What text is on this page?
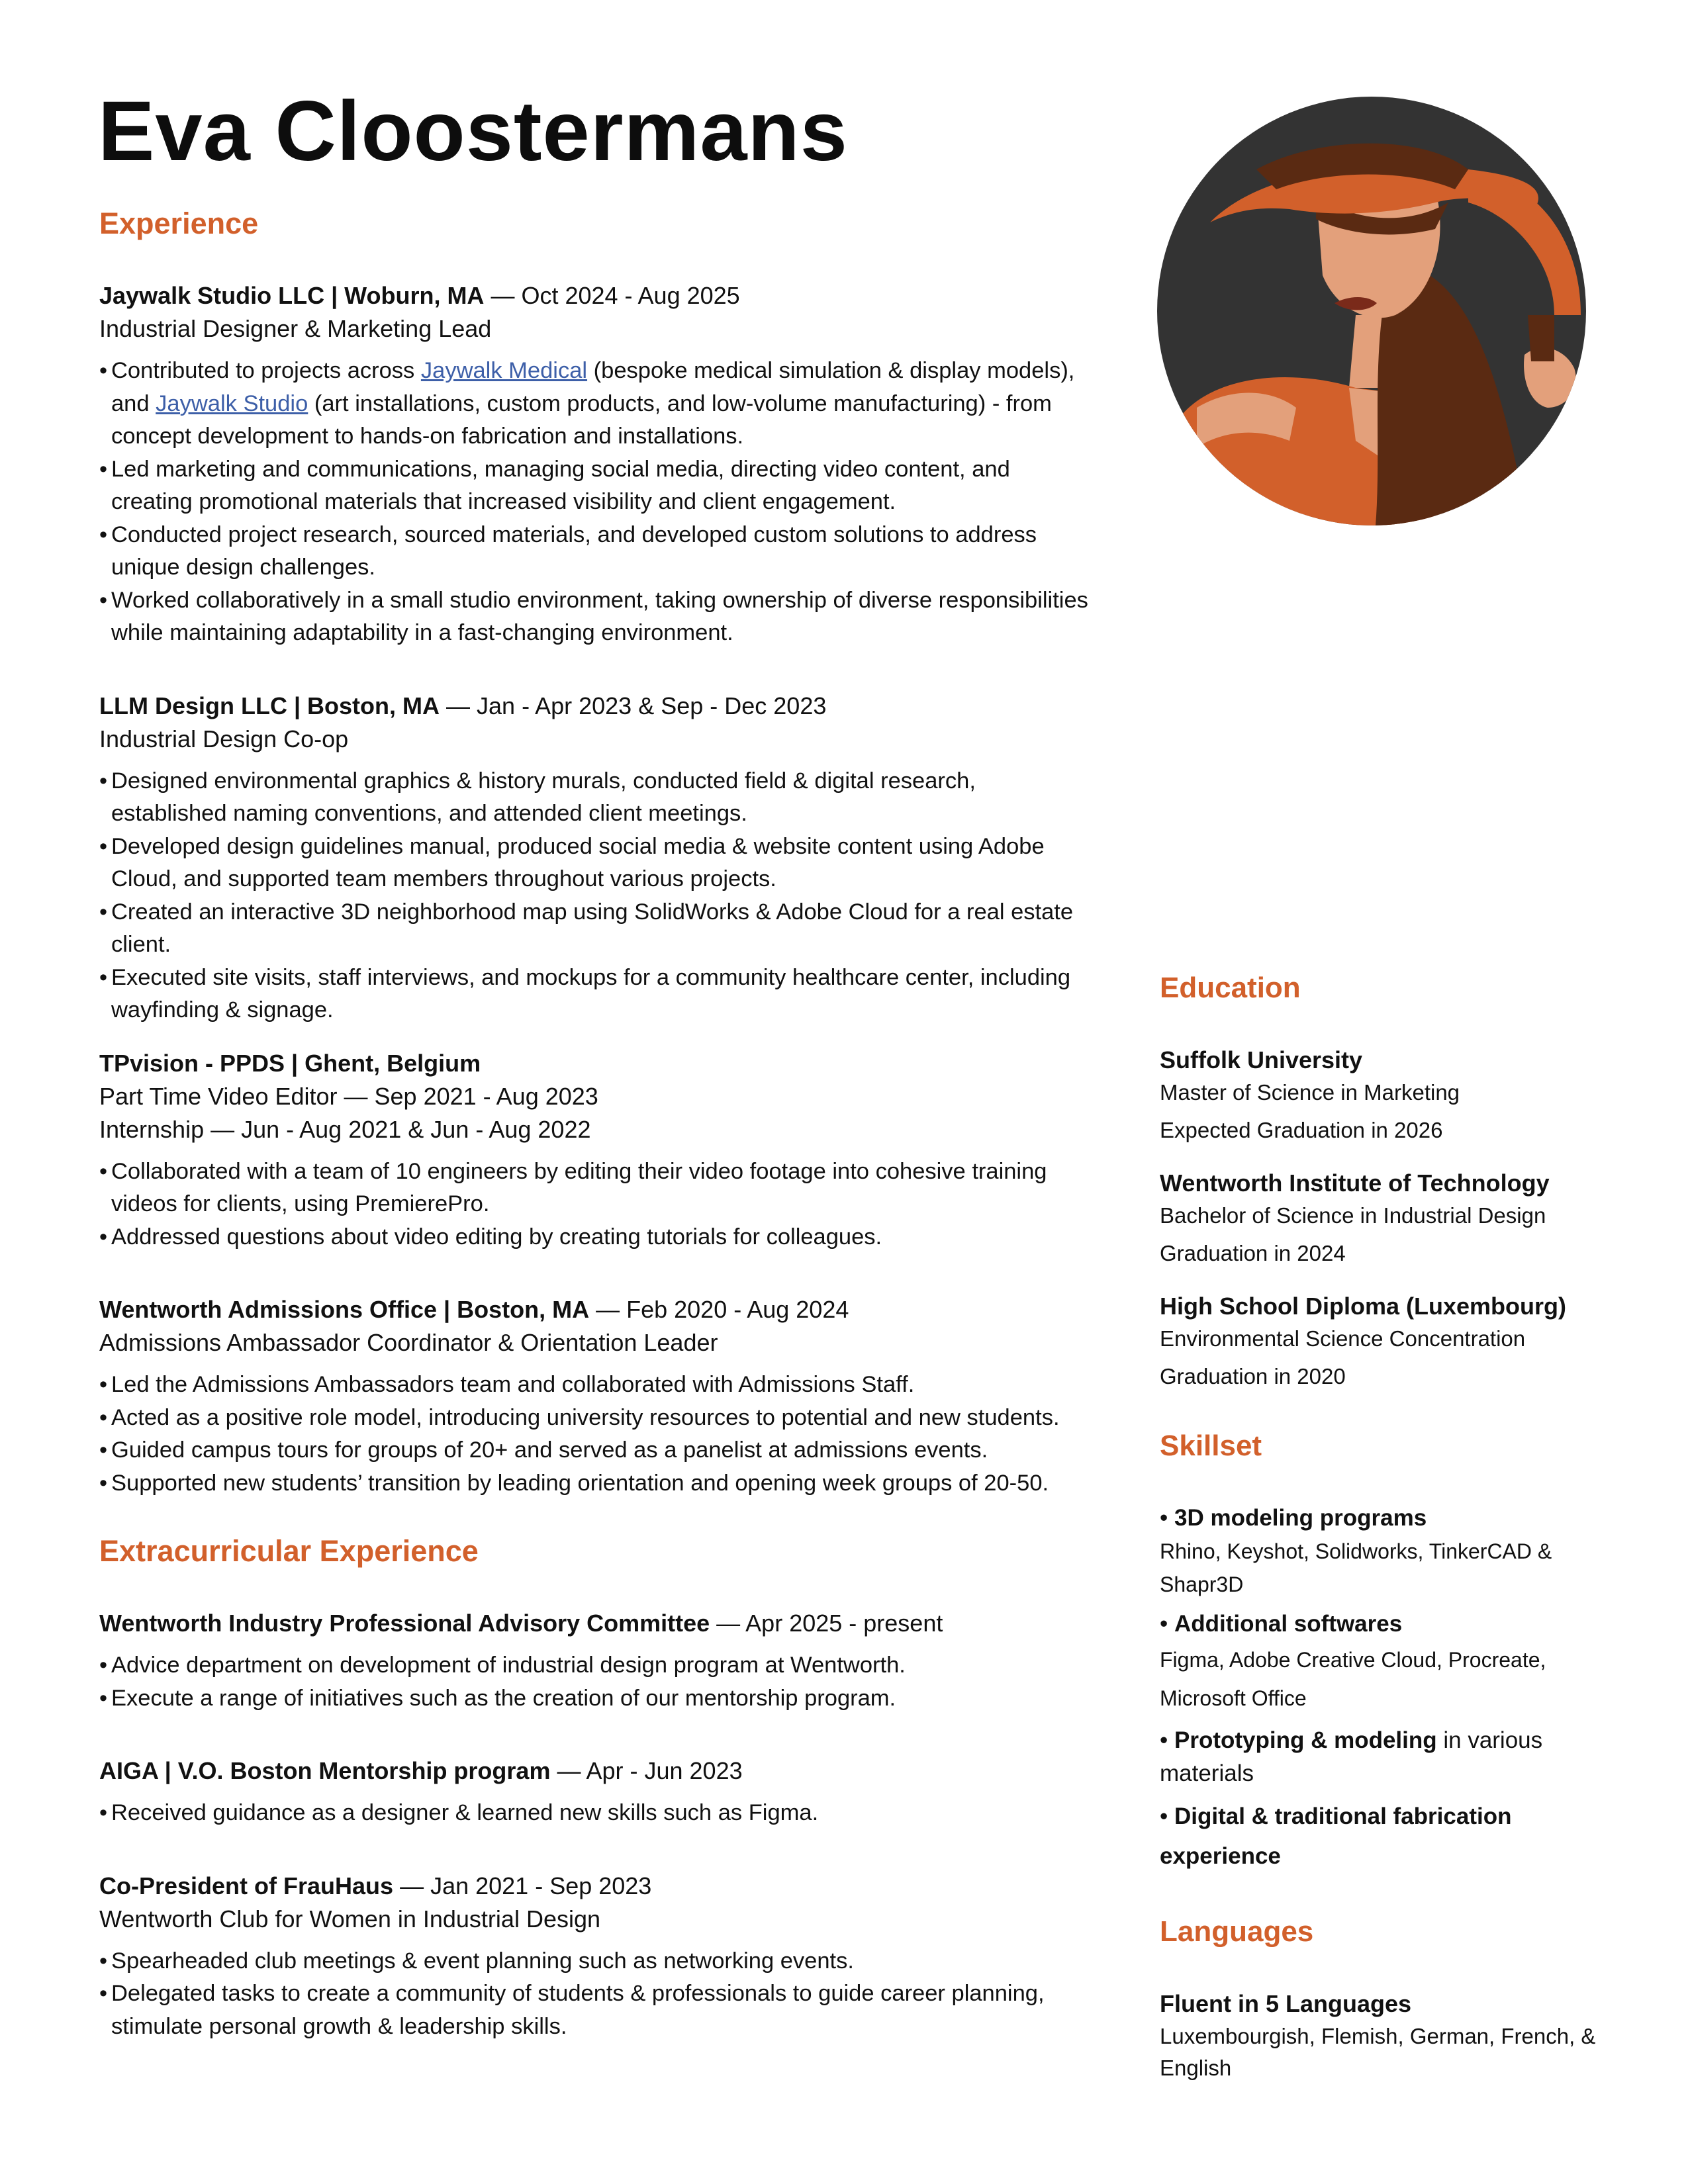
Eva Cloostermans
Experience
Jaywalk Studio LLC | Woburn, MA — Oct 2024 - Aug 2025
Industrial Designer & Marketing Lead
• Contributed to projects across Jaywalk Medical (bespoke medical simulation & display models), and Jaywalk Studio (art installations, custom products, and low-volume manufacturing) - from concept development to hands-on fabrication and installations.
• Led marketing and communications, managing social media, directing video content, and creating promotional materials that increased visibility and client engagement.
• Conducted project research, sourced materials, and developed custom solutions to address unique design challenges.
• Worked collaboratively in a small studio environment, taking ownership of diverse responsibilities while maintaining adaptability in a fast-changing environment.
LLM Design LLC | Boston, MA — Jan - Apr 2023 & Sep - Dec 2023
Industrial Design Co-op
• Designed environmental graphics & history murals, conducted field & digital research, established naming conventions, and attended client meetings.
• Developed design guidelines manual, produced social media & website content using Adobe Cloud, and supported team members throughout various projects.
• Created an interactive 3D neighborhood map using SolidWorks & Adobe Cloud for a real estate client.
• Executed site visits, staff interviews, and mockups for a community healthcare center, including wayfinding & signage.
TPvision - PPDS | Ghent, Belgium
Part Time Video Editor — Sep 2021 - Aug 2023
Internship — Jun - Aug 2021 & Jun - Aug 2022
• Collaborated with a team of 10 engineers by editing their video footage into cohesive training videos for clients, using PremierePro.
• Addressed questions about video editing by creating tutorials for colleagues.
Wentworth Admissions Office | Boston, MA — Feb 2020 - Aug 2024
Admissions Ambassador Coordinator & Orientation Leader
• Led the Admissions Ambassadors team and collaborated with Admissions Staff.
• Acted as a positive role model, introducing university resources to potential and new students.
• Guided campus tours for groups of 20+ and served as a panelist at admissions events.
• Supported new students’ transition by leading orientation and opening week groups of 20-50.
Extracurricular Experience
Wentworth Industry Professional Advisory Committee — Apr 2025 - present
• Advice department on development of industrial design program at Wentworth.
• Execute a range of initiatives such as the creation of our mentorship program.
AIGA | V.O. Boston Mentorship program — Apr - Jun 2023
• Received guidance as a designer & learned new skills such as Figma.
Co-President of FrauHaus — Jan 2021 - Sep 2023
Wentworth Club for Women in Industrial Design
• Spearheaded club meetings & event planning such as networking events.
• Delegated tasks to create a community of students & professionals to guide career planning, stimulate personal growth & leadership skills.
Education
Suffolk University
Master of Science in Marketing
Expected Graduation in 2026
Wentworth Institute of Technology
Bachelor of Science in Industrial Design
Graduation in 2024
High School Diploma (Luxembourg)
Environmental Science Concentration
Graduation in 2020
Skillset
• 3D modeling programs
Rhino, Keyshot, Solidworks, TinkerCAD & Shapr3D
• Additional softwares
Figma, Adobe Creative Cloud, Procreate, Microsoft Office
• Prototyping & modeling in various materials
• Digital & traditional fabrication experience
Languages
Fluent in 5 Languages
Luxembourgish, Flemish, German, French, & English
